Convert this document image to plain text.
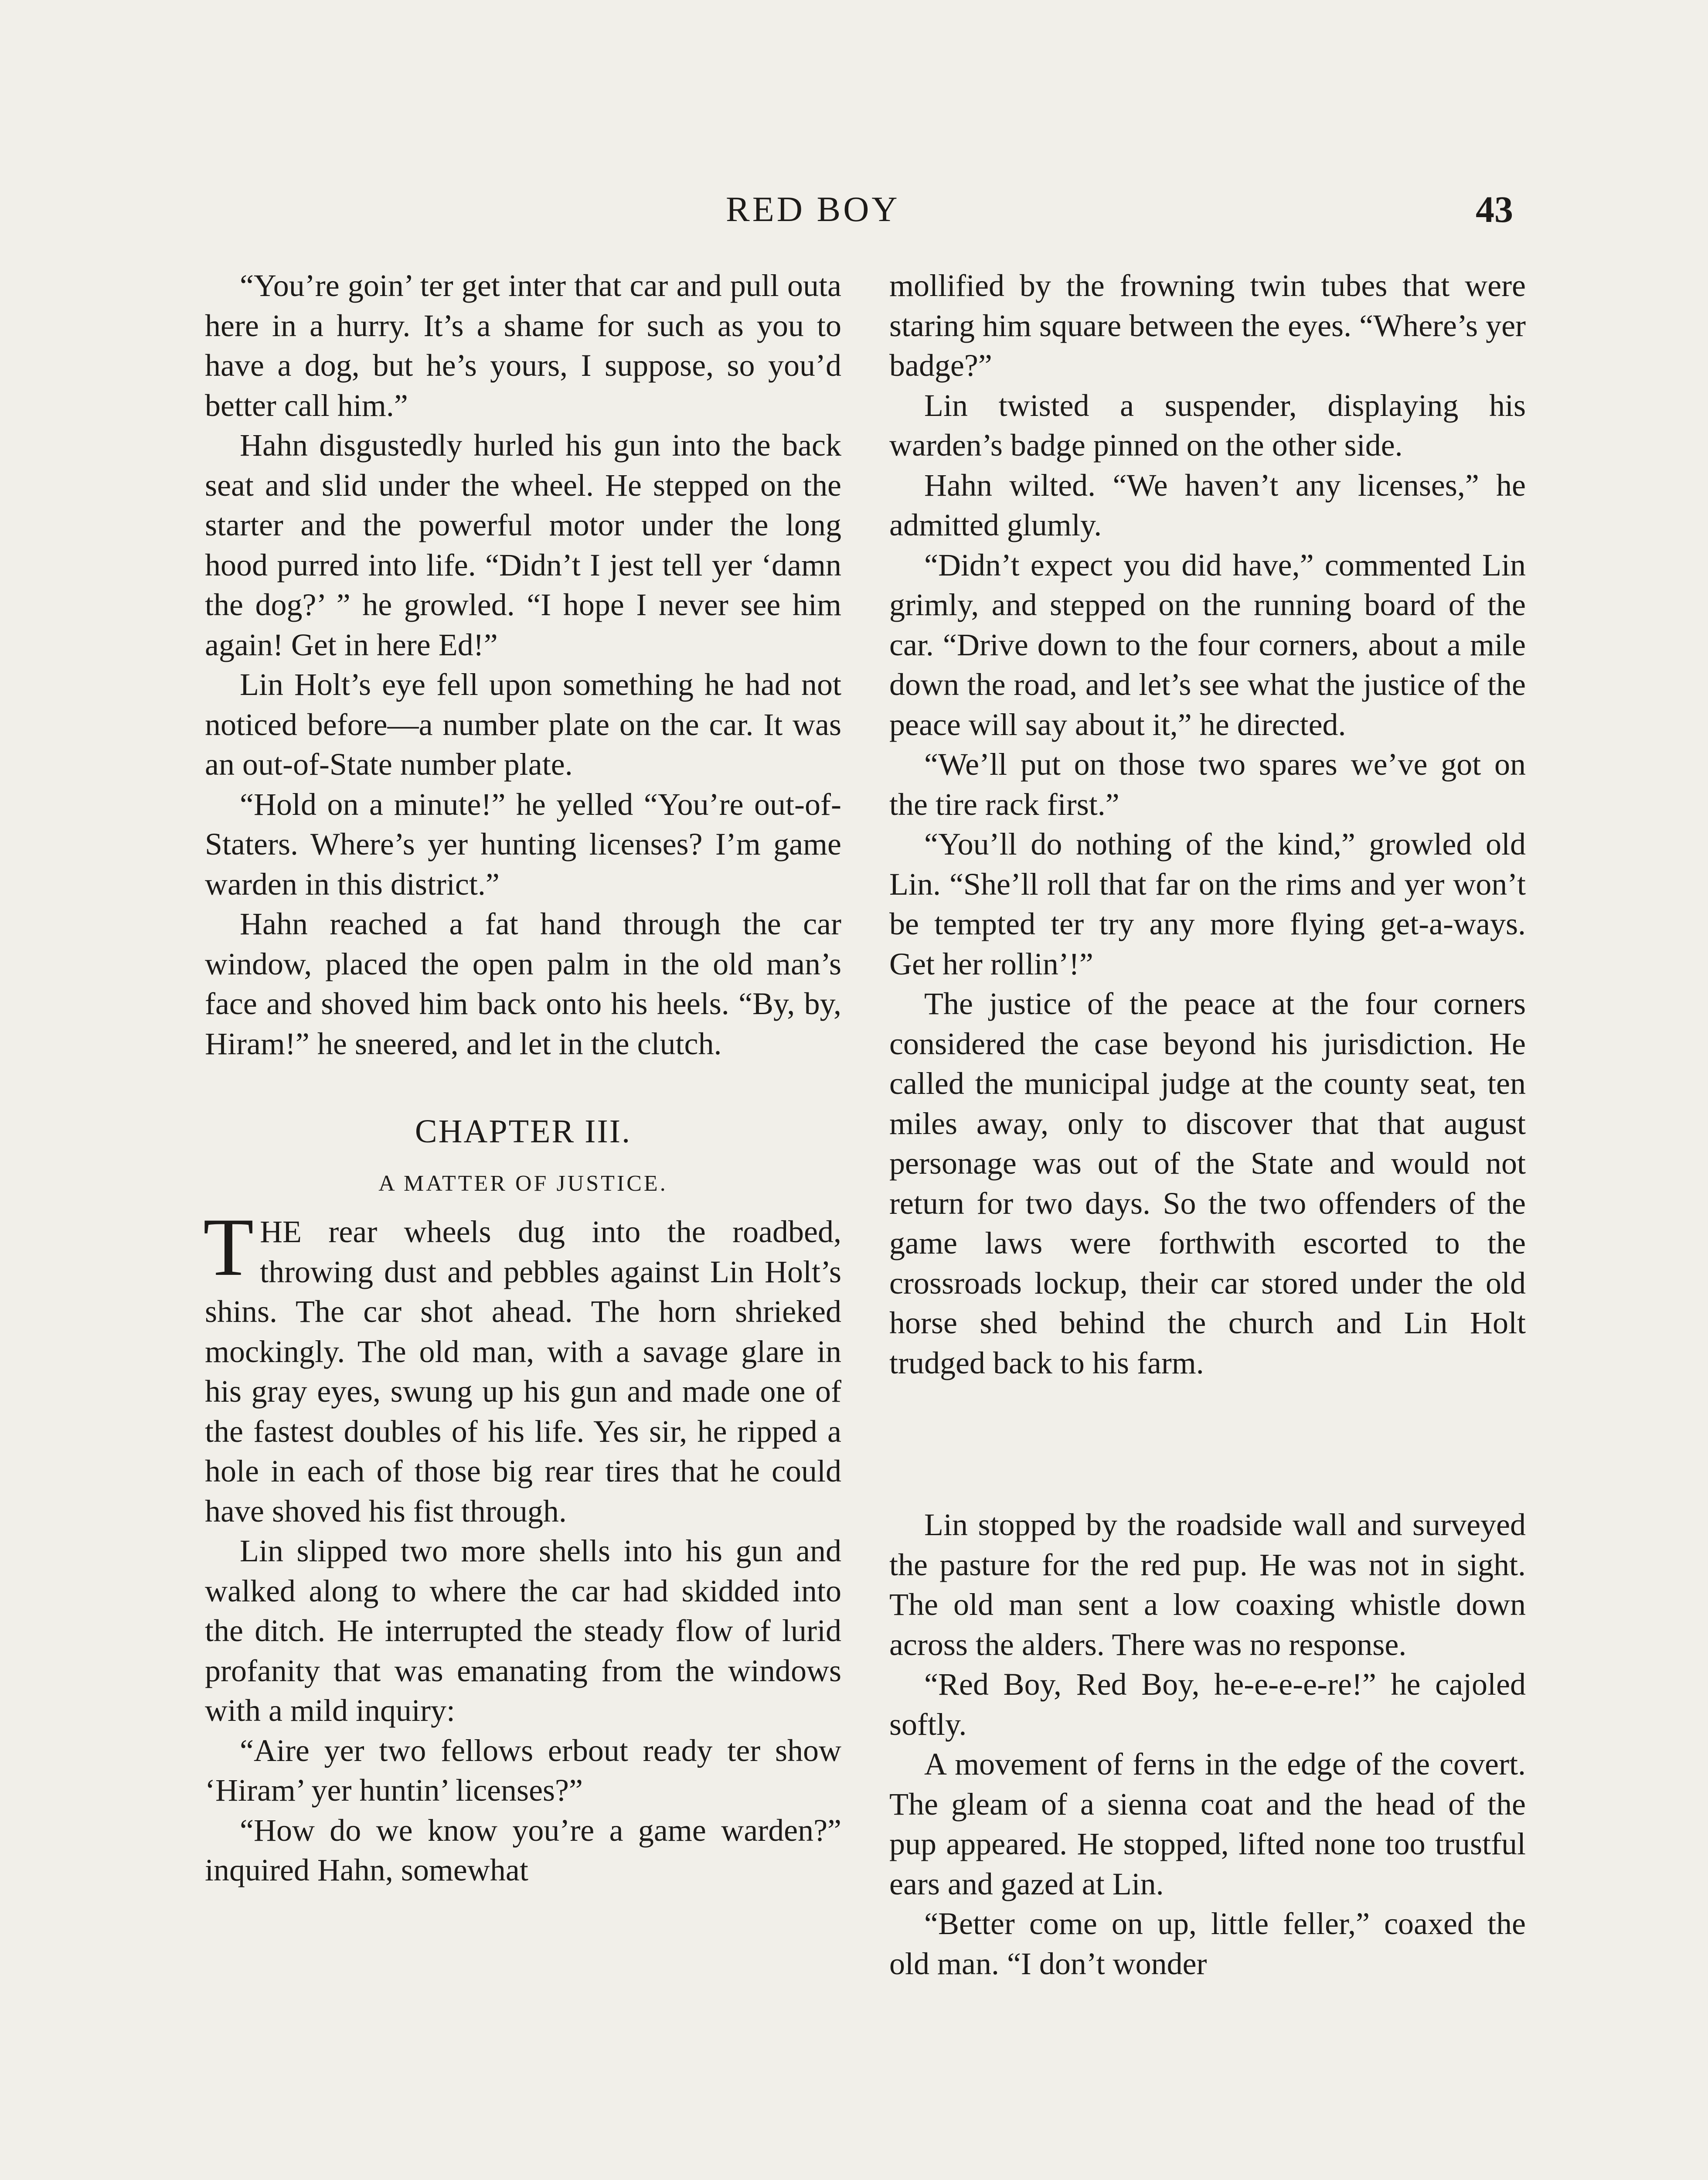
RED BOY	43

“You’re goin’ ter get inter that car and pull outa here in a hurry. It’s a shame for such as you to have a dog, but he’s yours, I suppose, so you’d better call him.”

Hahn disgustedly hurled his gun into the back seat and slid under the wheel. He stepped on the starter and the powerful motor under the long hood purred into life. “Didn’t I jest tell yer ‘damn the dog?’ ” he growled. “I hope I never see him again! Get in here Ed!”

Lin Holt’s eye fell upon something he had not noticed before—a number plate on the car. It was an out-of-State number plate.

“Hold on a minute!” he yelled “You’re out-of-Staters. Where’s yer hunting licenses? I’m game warden in this district.”

Hahn reached a fat hand through the car window, placed the open palm in the old man’s face and shoved him back onto his heels. “By, by, Hiram!” he sneered, and let in the clutch.

CHAPTER III.
A MATTER OF JUSTICE.

THE rear wheels dug into the roadbed, throwing dust and pebbles against Lin Holt’s shins. The car shot ahead. The horn shrieked mockingly. The old man, with a savage glare in his gray eyes, swung up his gun and made one of the fastest doubles of his life. Yes sir, he ripped a hole in each of those big rear tires that he could have shoved his fist through.

Lin slipped two more shells into his gun and walked along to where the car had skidded into the ditch. He interrupted the steady flow of lurid profanity that was emanating from the windows with a mild inquiry:

“Aire yer two fellows erbout ready ter show ‘Hiram’ yer huntin’ licenses?”

“How do we know you’re a game warden?” inquired Hahn, somewhat

mollified by the frowning twin tubes that were staring him square between the eyes. “Where’s yer badge?”

Lin twisted a suspender, displaying his warden’s badge pinned on the other side.

Hahn wilted. “We haven’t any licenses,” he admitted glumly.

“Didn’t expect you did have,” commented Lin grimly, and stepped on the running board of the car. “Drive down to the four corners, about a mile down the road, and let’s see what the justice of the peace will say about it,” he directed.

“We’ll put on those two spares we’ve got on the tire rack first.”

“You’ll do nothing of the kind,” growled old Lin. “She’ll roll that far on the rims and yer won’t be tempted ter try any more flying get-a-ways. Get her rollin’!”

The justice of the peace at the four corners considered the case beyond his jurisdiction. He called the municipal judge at the county seat, ten miles away, only to discover that that august personage was out of the State and would not return for two days. So the two offenders of the game laws were forthwith escorted to the crossroads lockup, their car stored under the old horse shed behind the church and Lin Holt trudged back to his farm.

Lin stopped by the roadside wall and surveyed the pasture for the red pup. He was not in sight. The old man sent a low coaxing whistle down across the alders. There was no response.

“Red Boy, Red Boy, he-e-e-e-re!” he cajoled softly.

A movement of ferns in the edge of the covert. The gleam of a sienna coat and the head of the pup appeared. He stopped, lifted none too trustful ears and gazed at Lin.

“Better come on up, little feller,” coaxed the old man. “I don’t wonder
